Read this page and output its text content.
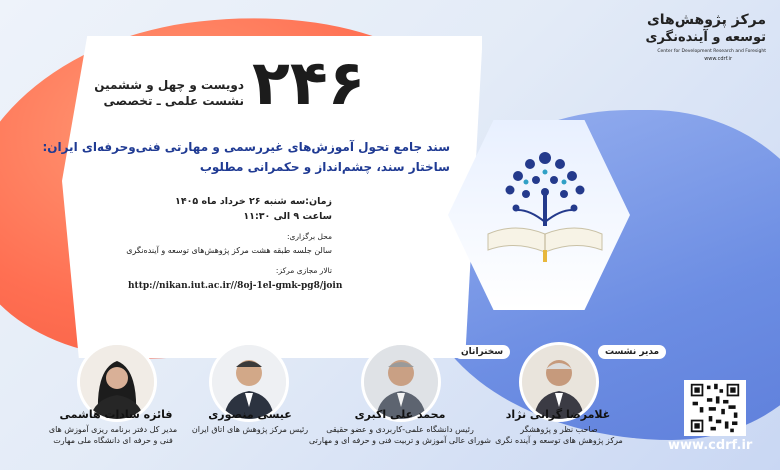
مرکز پژوهش‌های
توسعه و آینده‌نگری
Center for Development Research and Foresight
www.cdrf.ir
۲۴۶
دویست و چهل و ششمین
نشست علمی ـ تخصصی
سند جامع تحول آموزش‌های غیررسمی و مهارتی فنی‌وحرفه‌ای ایران:
ساختار سند، چشم‌انداز و حکمرانی مطلوب
زمان:سه شنبه ۲۶ خرداد ماه ۱۴۰۵
ساعت ۹ الی ۱۱:۳۰
محل برگزاری:
سالن جلسه طبقه هشت مرکز پژوهش‌های توسعه و آینده‌نگری
تالار مجازی مرکز:
http://nikan.iut.ac.ir//8oj-1el-gmk-pg8/join
مدیر نشست
سخنرانان
غلامرضا گرانی نژاد
صاحب نظر و پژوهشگر
مرکز پژوهش های توسعه و آینده نگری
محمد علی اکبری
رئیس دانشگاه علمی-کاربردی و عضو حقیقی
شورای عالی آموزش و تربیت فنی و حرفه ای و مهارتی
عیسی منصوری
رئیس مرکز پژوهش های اتاق ایران
فائزه سادات هاشمی
مدیر کل دفتر برنامه ریزی آموزش های
فنی و حرفه ای دانشگاه ملی مهارت	www.cdrf.ir
